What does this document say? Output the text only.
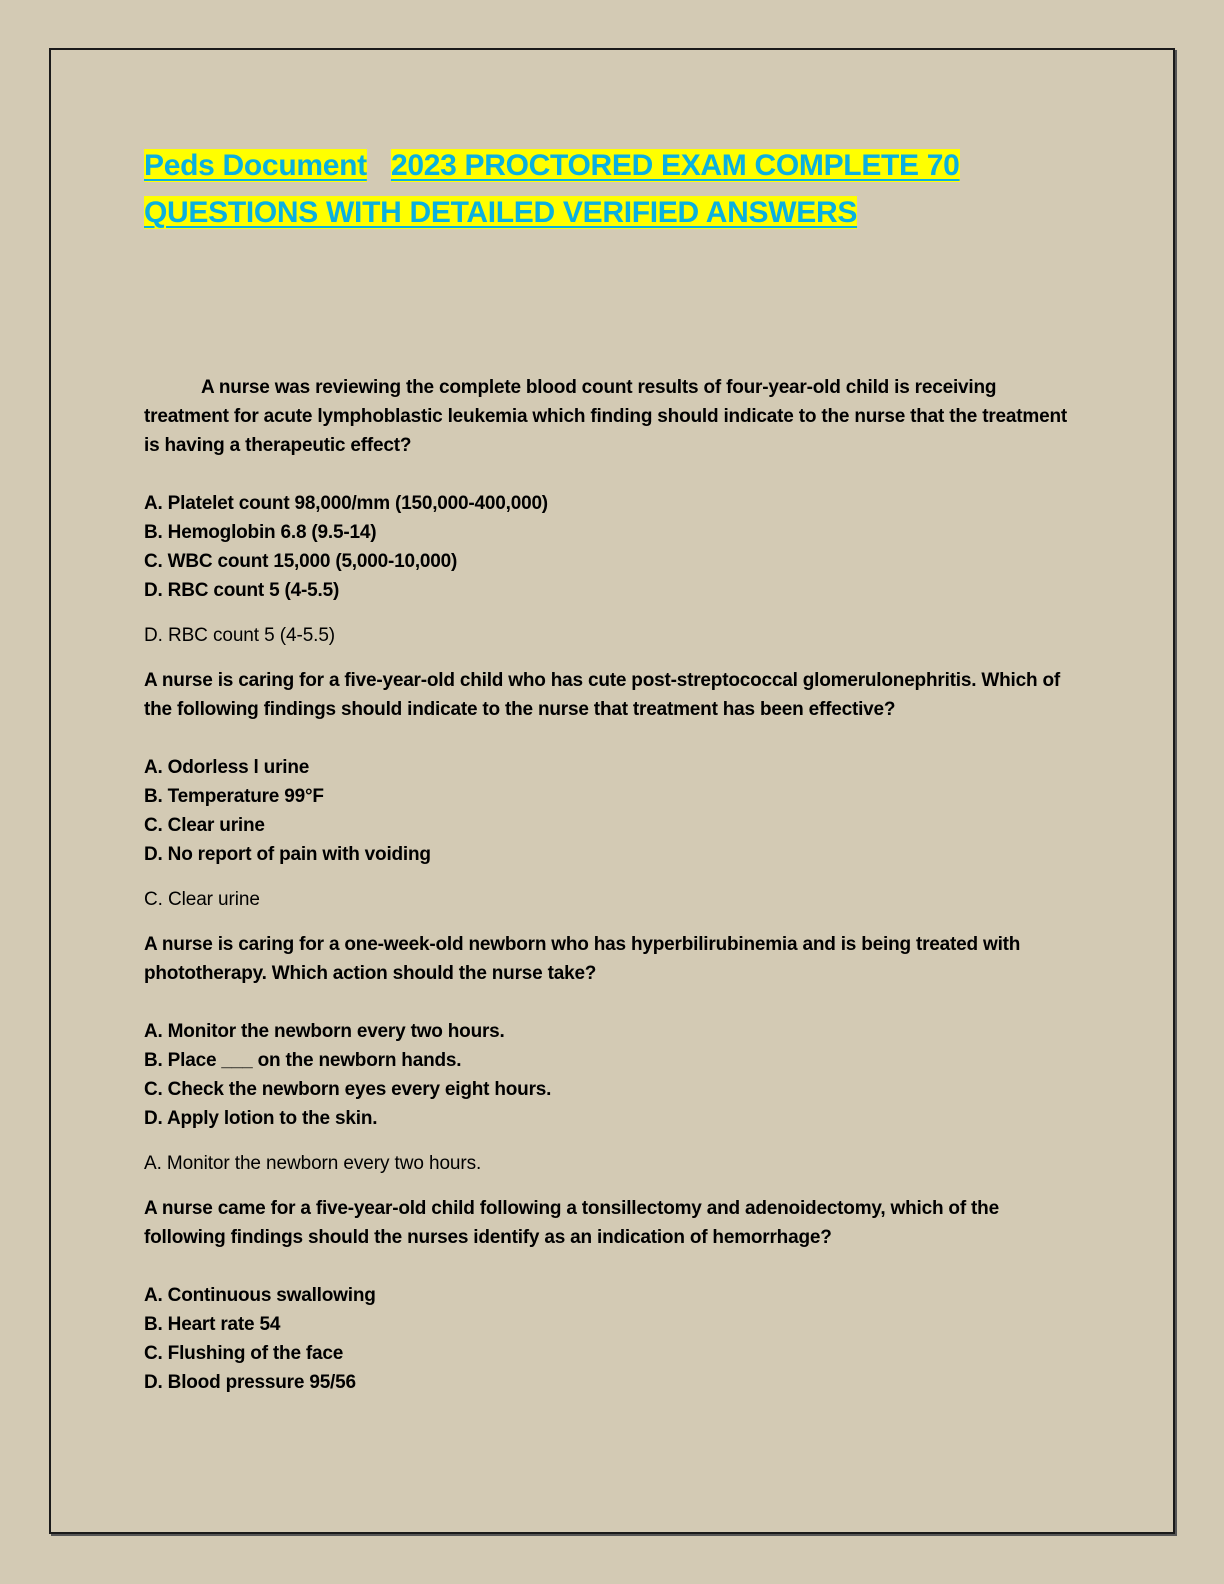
Peds Document 2023 PROCTORED EXAM COMPLETE 70
QUESTIONS WITH DETAILED VERIFIED ANSWERS

A nurse was reviewing the complete blood count results of four-year-old child is receiving treatment for acute lymphoblastic leukemia which finding should indicate to the nurse that the treatment is having a therapeutic effect?

A. Platelet count 98,000/mm (150,000-400,000)
B. Hemoglobin 6.8 (9.5-14)
C. WBC count 15,000 (5,000-10,000)
D. RBC count 5 (4-5.5)

D. RBC count 5 (4-5.5)

A nurse is caring for a five-year-old child who has cute post-streptococcal glomerulonephritis. Which of the following findings should indicate to the nurse that treatment has been effective?

A. Odorless l urine
B. Temperature 99°F
C. Clear urine
D. No report of pain with voiding

C. Clear urine

A nurse is caring for a one-week-old newborn who has hyperbilirubinemia and is being treated with phototherapy. Which action should the nurse take?

A. Monitor the newborn every two hours.
B. Place ___ on the newborn hands.
C. Check the newborn eyes every eight hours.
D. Apply lotion to the skin.

A. Monitor the newborn every two hours.

A nurse came for a five-year-old child following a tonsillectomy and adenoidectomy, which of the following findings should the nurses identify as an indication of hemorrhage?

A. Continuous swallowing
B. Heart rate 54
C. Flushing of the face
D. Blood pressure 95/56
